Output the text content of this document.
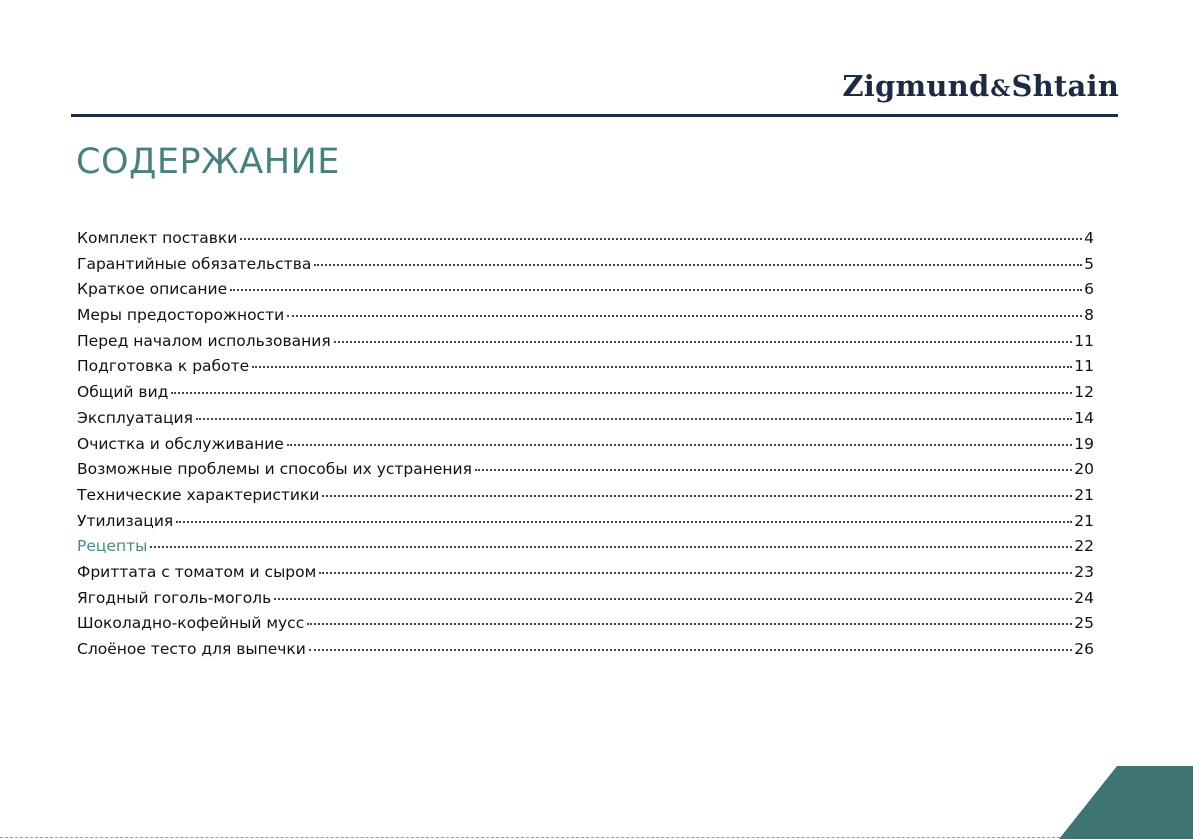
Zigmund&Shtain
СОДЕРЖАНИЕ
Комплект поставки	4
Гарантийные обязательства	5
Краткое описание	6
Меры предосторожности	8
Перед началом использования	11
Подготовка к работе	11
Общий вид	12
Эксплуатация	14
Очистка и обслуживание	19
Возможные проблемы и способы их устранения	20
Технические характеристики	21
Утилизация	21
Рецепты	22
Фриттата с томатом и сыром	23
Ягодный гоголь-моголь	24
Шоколадно-кофейный мусс	25
Слоёное тесто для выпечки	26
